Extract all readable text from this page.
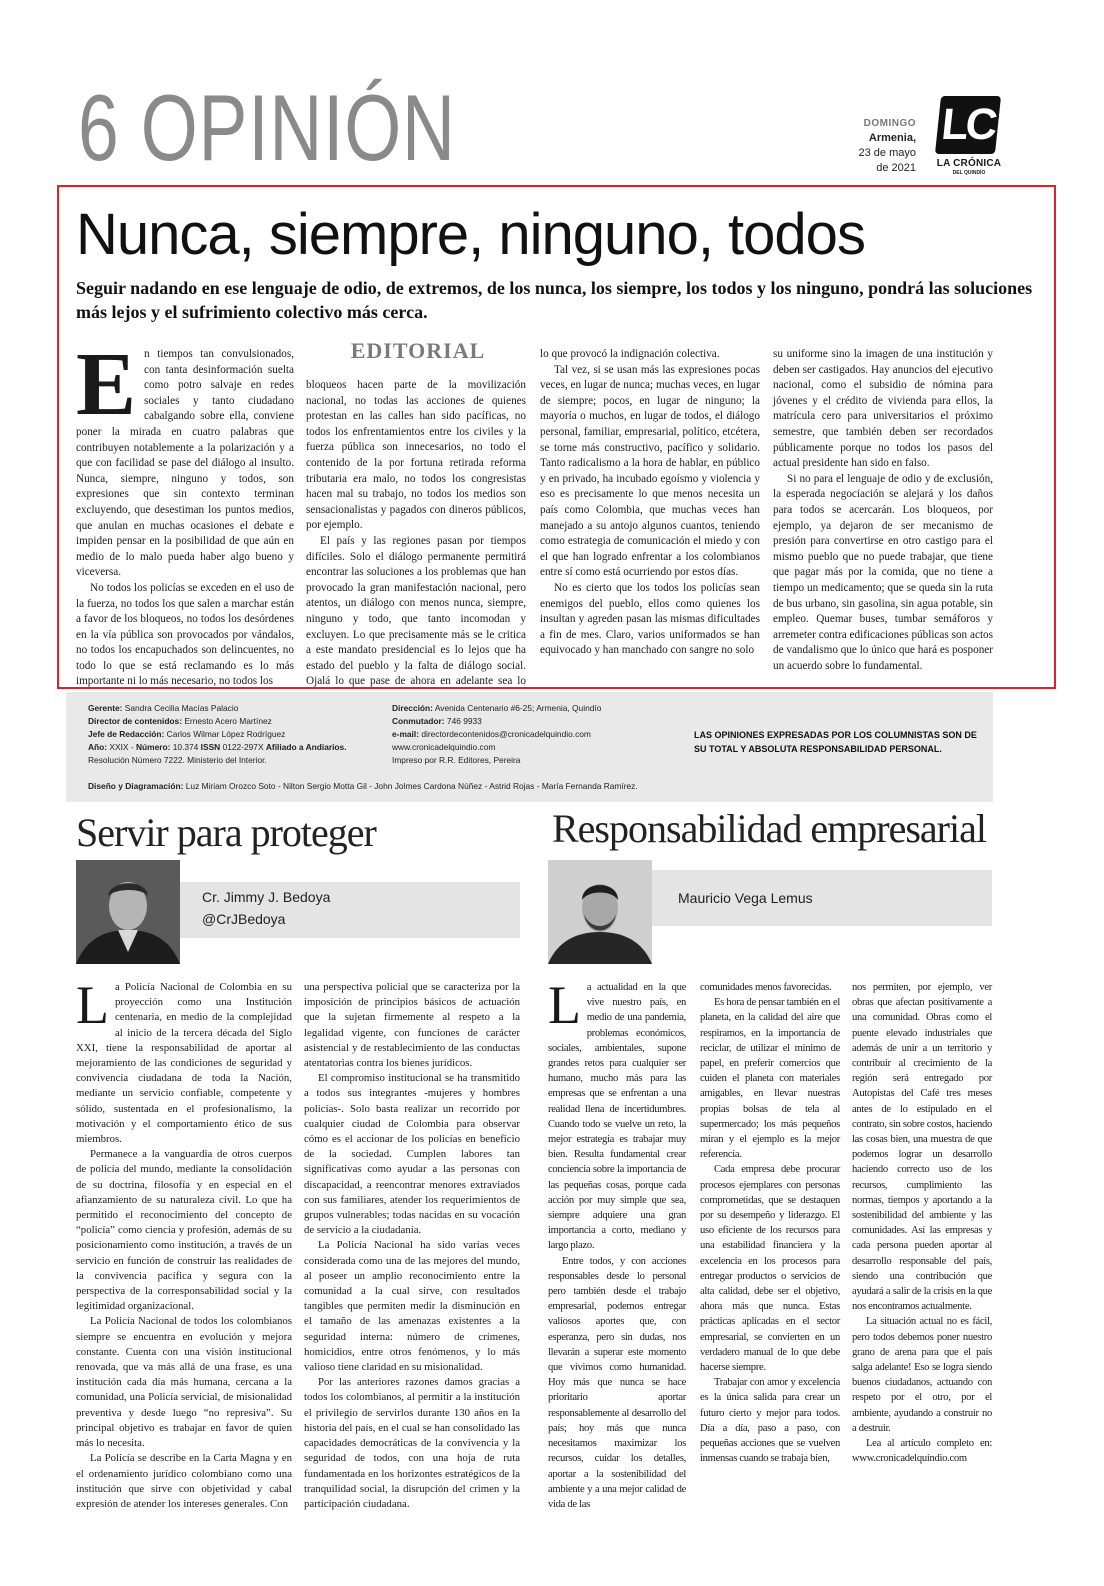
6 OPINIÓN	DOMINGO
Armenia,
23 de mayo
de 2021
LC
LA CRÓNICA
DEL QUINDÍO
Nunca, siempre, ninguno, todos
Seguir nadando en ese lenguaje de odio, de extremos, de los nunca, los siempre, los todos y los ninguno, pondrá las soluciones más lejos y el sufrimiento colectivo más cerca.
EDITORIAL
E n tiempos tan convulsionados, con tanta desinformación suelta como potro salvaje en redes sociales y tanto ciudadano cabalgando sobre ella, conviene poner la mirada en cuatro palabras que contribuyen notablemente a la polarización y a que con facilidad se pase del diálogo al insulto. Nunca, siempre, ninguno y todos, son expresiones que sin contexto terminan excluyendo, que desestiman los puntos medios, que anulan en muchas ocasiones el debate e impiden pensar en la posibilidad de que aún en medio de lo malo pueda haber algo bueno y viceversa.

No todos los policías se exceden en el uso de la fuerza, no todos los que salen a marchar están a favor de los bloqueos, no todos los desórdenes en la vía pública son provocados por vándalos, no todos los encapuchados son delincuentes, no todo lo que se está reclamando es lo más importante ni lo más necesario, no todos los

bloqueos hacen parte de la movilización nacional, no todas las acciones de quienes protestan en las calles han sido pacíficas, no todos los enfrentamientos entre los civiles y la fuerza pública son innecesarios, no todo el contenido de la por fortuna retirada reforma tributaria era malo, no todos los congresistas hacen mal su trabajo, no todos los medios son sensacionalistas y pagados con dineros públicos, por ejemplo.

El país y las regiones pasan por tiempos difíciles. Solo el diálogo permanente permitirá encontrar las soluciones a los problemas que han provocado la gran manifestación nacional, pero atentos, un diálogo con menos nunca, siempre, ninguno y todo, que tanto incomodan y excluyen. Lo que precisamente más se le critica a este mandato presidencial es lo lejos que ha estado del pueblo y la falta de diálogo social. Ojalá lo que pase de ahora en adelante sea lo

lo que provocó la indignación colectiva.

Tal vez, si se usan más las expresiones pocas veces, en lugar de nunca; muchas veces, en lugar de siempre; pocos, en lugar de ninguno; la mayoría o muchos, en lugar de todos, el diálogo personal, familiar, empresarial, político, etcétera, se torne más constructivo, pacífico y solidario. Tanto radicalismo a la hora de hablar, en público y en privado, ha incubado egoísmo y violencia y eso es precisamente lo que menos necesita un país como Colombia, que muchas veces han manejado a su antojo algunos cuantos, teniendo como estrategia de comunicación el miedo y con el que han logrado enfrentar a los colombianos entre sí como está ocurriendo por estos días.

No es cierto que los todos los policías sean enemigos del pueblo, ellos como quienes los insultan y agreden pasan las mismas dificultades a fin de mes. Claro, varios uniformados se han equivocado y han manchado con sangre no solo

su uniforme sino la imagen de una institución y deben ser castigados. Hay anuncios del ejecutivo nacional, como el subsidio de nómina para jóvenes y el crédito de vivienda para ellos, la matrícula cero para universitarios el próximo semestre, que también deben ser recordados públicamente porque no todos los pasos del actual presidente han sido en falso.

Si no para el lenguaje de odio y de exclusión, la esperada negociación se alejará y los daños para todos se acercarán. Los bloqueos, por ejemplo, ya dejaron de ser mecanismo de presión para convertirse en otro castigo para el mismo pueblo que no puede trabajar, que tiene que pagar más por la comida, que no tiene a tiempo un medicamento; que se queda sin la ruta de bus urbano, sin gasolina, sin agua potable, sin empleo. Quemar buses, tumbar semáforos y arremeter contra edificaciones públicas son actos de vandalismo que lo único que hará es posponer un acuerdo sobre lo fundamental.

Gerente: Sandra Cecilia Macías Palacio
Director de contenidos: Ernesto Acero Martínez
Jefe de Redacción: Carlos Wilmar López Rodríguez
Año: XXIX - Número: 10.374 ISSN 0122-297X Afiliado a Andiarios.
Resolución Número 7222. Ministerio del Interior.
Dirección: Avenida Centenario #6-25; Armenia, Quindío
Conmutador: 746 9933
e-mail: directordecontenidos@cronicadelquindio.com
www.cronicadelquindio.com
Impreso por R.R. Editores, Pereira
Diseño y Diagramación: Luz Miriam Orozco Soto - Nilton Sergio Motta Gil - John Jolmes Cardona Núñez - Astrid Rojas - María Fernanda Ramírez.
LAS OPINIONES EXPRESADAS POR LOS COLUMNISTAS SON DE SU TOTAL Y ABSOLUTA RESPONSABILIDAD PERSONAL.
Servir para proteger
Cr. Jimmy J. Bedoya
@CrJBedoya
L a Policía Nacional de Colombia en su proyección como una Institución centenaria, en medio de la complejidad al inicio de la tercera década del Siglo XXI, tiene la responsabilidad de aportar al mejoramiento de las condiciones de seguridad y convivencia ciudadana de toda la Nación, mediante un servicio confiable, competente y sólido, sustentada en el profesionalismo, la motivación y el comportamiento ético de sus miembros.

Permanece a la vanguardia de otros cuerpos de policía del mundo, mediante la consolidación de su doctrina, filosofía y en especial en el afianzamiento de su naturaleza civil. Lo que ha permitido el reconocimiento del concepto de “policía” como ciencia y profesión, además de su posicionamiento como institución, a través de un servicio en función de construir las realidades de la convivencia pacífica y segura con la perspectiva de la corresponsabilidad social y la legitimidad organizacional.

La Policía Nacional de todos los colombianos siempre se encuentra en evolución y mejora constante. Cuenta con una visión institucional renovada, que va más allá de una frase, es una institución cada día más humana, cercana a la comunidad, una Policía servicial, de misionalidad preventiva y desde luego “no represiva”. Su principal objetivo es trabajar en favor de quien más lo necesita.

La Policía se describe en la Carta Magna y en el ordenamiento jurídico colombiano como una institución que sirve con objetividad y cabal expresión de atender los intereses generales. Con

una perspectiva policial que se caracteriza por la imposición de principios básicos de actuación que la sujetan firmemente al respeto a la legalidad vigente, con funciones de carácter asistencial y de restablecimiento de las conductas atentatorias contra los bienes jurídicos.

El compromiso institucional se ha transmitido a todos sus integrantes -mujeres y hombres policías-. Solo basta realizar un recorrido por cualquier ciudad de Colombia para observar cómo es el accionar de los policías en beneficio de la sociedad. Cumplen labores tan significativas como ayudar a las personas con discapacidad, a reencontrar menores extraviados con sus familiares, atender los requerimientos de grupos vulnerables; todas nacidas en su vocación de servicio a la ciudadanía.

La Policía Nacional ha sido varias veces considerada como una de las mejores del mundo, al poseer un amplio reconocimiento entre la comunidad a la cual sirve, con resultados tangibles que permiten medir la disminución en el tamaño de las amenazas existentes a la seguridad interna: número de crímenes, homicidios, entre otros fenómenos, y lo más valioso tiene claridad en su misionalidad.

Por las anteriores razones damos gracias a todos los colombianos, al permitir a la institución el privilegio de servirlos durante 130 años en la historia del país, en el cual se han consolidado las capacidades democráticas de la convivencia y la seguridad de todos, con una hoja de ruta fundamentada en los horizontes estratégicos de la tranquilidad social, la disrupción del crimen y la participación ciudadana.

Responsabilidad empresarial
Mauricio Vega Lemus
L a actualidad en la que vive nuestro país, en medio de una pandemia, problemas económicos, sociales, ambientales, supone grandes retos para cualquier ser humano, mucho más para las empresas que se enfrentan a una realidad llena de incertidumbres. Cuando todo se vuelve un reto, la mejor estrategia es trabajar muy bien. Resulta fundamental crear conciencia sobre la importancia de las pequeñas cosas, porque cada acción por muy simple que sea, siempre adquiere una gran importancia a corto, mediano y largo plazo.

Entre todos, y con acciones responsables desde lo personal pero también desde el trabajo empresarial, podemos entregar valiosos aportes que, con esperanza, pero sin dudas, nos llevarán a superar este momento que vivimos como humanidad. Hoy más que nunca se hace prioritario aportar responsablemente al desarrollo del país; hoy más que nunca necesitamos maximizar los recursos, cuidar los detalles, aportar a la sostenibilidad del ambiente y a una mejor calidad de vida de las

comunidades menos favorecidas.

Es hora de pensar también en el planeta, en la calidad del aire que respiramos, en la importancia de reciclar, de utilizar el mínimo de papel, en preferir comercios que cuiden el planeta con materiales amigables, en llevar nuestras propias bolsas de tela al supermercado; los más pequeños miran y el ejemplo es la mejor referencia.

Cada empresa debe procurar procesos ejemplares con personas comprometidas, que se destaquen por su desempeño y liderazgo. El uso eficiente de los recursos para una estabilidad financiera y la excelencia en los procesos para entregar productos o servicios de alta calidad, debe ser el objetivo, ahora más que nunca. Estas prácticas aplicadas en el sector empresarial, se convierten en un verdadero manual de lo que debe hacerse siempre.

Trabajar con amor y excelencia es la única salida para crear un futuro cierto y mejor para todos. Día a día, paso a paso, con pequeñas acciones que se vuelven inmensas cuando se trabaja bien,

nos permiten, por ejemplo, ver obras que afectan positivamente a una comunidad. Obras como el puente elevado industriales que además de unir a un territorio y contribuir al crecimiento de la región será entregado por Autopistas del Café tres meses antes de lo estipulado en el contrato, sin sobre costos, haciendo las cosas bien, una muestra de que podemos lograr un desarrollo haciendo correcto uso de los recursos, cumplimiento las normas, tiempos y aportando a la sostenibilidad del ambiente y las comunidades. Así las empresas y cada persona pueden aportar al desarrollo responsable del país, siendo una contribución que ayudará a salir de la crisis en la que nos encontramos actualmente.

La situación actual no es fácil, pero todos debemos poner nuestro grano de arena para que el país salga adelante! Eso se logra siendo buenos ciudadanos, actuando con respeto por el otro, por el ambiente, ayudando a construir no a destruir.

Lea al artículo completo en: www.cronicadelquindio.com
